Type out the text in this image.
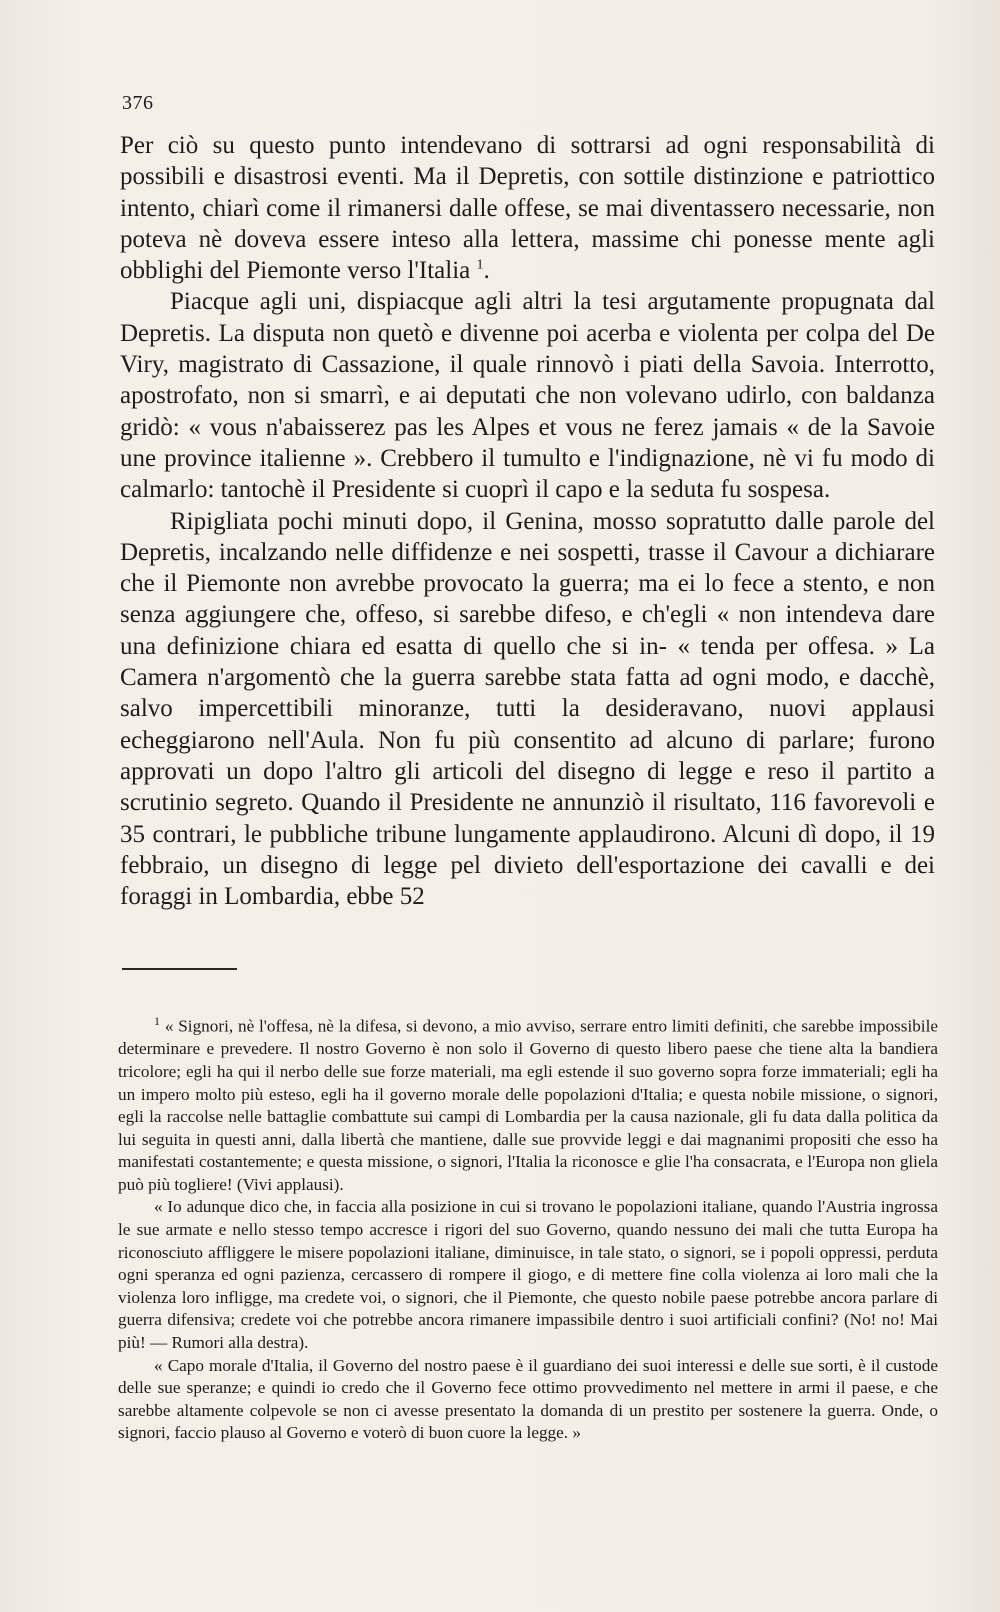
376

Per ciò su questo punto intendevano di sottrarsi ad ogni responsabilità di possibili e disastrosi eventi. Ma il Depretis, con sottile distinzione e patriottico intento, chiarì come il rimanersi dalle offese, se mai diventassero necessarie, non poteva nè doveva essere inteso alla lettera, massime chi ponesse mente agli obblighi del Piemonte verso l'Italia $^1$.

Piacque agli uni, dispiacque agli altri la tesi argutamente propugnata dal Depretis. La disputa non quetò e divenne poi acerba e violenta per colpa del De Viry, magistrato di Cassazione, il quale rinnovò i piati della Savoia. Interrotto, apostrofato, non si smarrì, e ai deputati che non volevano udirlo, con baldanza gridò: « vous n'abaisserez pas les Alpes et vous ne ferez jamais « de la Savoie une province italienne ». Crebbero il tumulto e l'indignazione, nè vi fu modo di calmarlo: tantochè il Presidente si cuoprì il capo e la seduta fu sospesa.

Ripigliata pochi minuti dopo, il Genina, mosso sopratutto dalle parole del Depretis, incalzando nelle diffidenze e nei sospetti, trasse il Cavour a dichiarare che il Piemonte non avrebbe provocato la guerra; ma ei lo fece a stento, e non senza aggiungere che, offeso, si sarebbe difeso, e ch'egli « non intendeva dare una definizione chiara ed esatta di quello che si in- « tenda per offesa. » La Camera n'argomentò che la guerra sarebbe stata fatta ad ogni modo, e dacchè, salvo impercettibili minoranze, tutti la desideravano, nuovi applausi echeggiarono nell'Aula. Non fu più consentito ad alcuno di parlare; furono approvati un dopo l'altro gli articoli del disegno di legge e reso il partito a scrutinio segreto. Quando il Presidente ne annunziò il risultato, 116 favorevoli e 35 contrari, le pubbliche tribune lungamente applaudirono. Alcuni dì dopo, il 19 febbraio, un disegno di legge pel divieto dell'esportazione dei cavalli e dei foraggi in Lombardia, ebbe 52

$^1$ « Signori, nè l'offesa, nè la difesa, si devono, a mio avviso, serrare entro limiti definiti, che sarebbe impossibile determinare e prevedere. Il nostro Governo è non solo il Governo di questo libero paese che tiene alta la bandiera tricolore; egli ha qui il nerbo delle sue forze materiali, ma egli estende il suo governo sopra forze immateriali; egli ha un impero molto più esteso, egli ha il governo morale delle popolazioni d'Italia; e questa nobile missione, o signori, egli la raccolse nelle battaglie combattute sui campi di Lombardia per la causa nazionale, gli fu data dalla politica da lui seguita in questi anni, dalla libertà che mantiene, dalle sue provvide leggi e dai magnanimi propositi che esso ha manifestati costantemente; e questa missione, o signori, l'Italia la riconosce e glie l'ha consacrata, e l'Europa non gliela può più togliere! (Vivi applausi).

« Io adunque dico che, in faccia alla posizione in cui si trovano le popolazioni italiane, quando l'Austria ingrossa le sue armate e nello stesso tempo accresce i rigori del suo Governo, quando nessuno dei mali che tutta Europa ha riconosciuto affliggere le misere popolazioni italiane, diminuisce, in tale stato, o signori, se i popoli oppressi, perduta ogni speranza ed ogni pazienza, cercassero di rompere il giogo, e di mettere fine colla violenza ai loro mali che la violenza loro infligge, ma credete voi, o signori, che il Piemonte, che questo nobile paese potrebbe ancora parlare di guerra difensiva; credete voi che potrebbe ancora rimanere impassibile dentro i suoi artificiali confini? (No! no! Mai più! — Rumori alla destra).

« Capo morale d'Italia, il Governo del nostro paese è il guardiano dei suoi interessi e delle sue sorti, è il custode delle sue speranze; e quindi io credo che il Governo fece ottimo provvedimento nel mettere in armi il paese, e che sarebbe altamente colpevole se non ci avesse presentato la domanda di un prestito per sostenere la guerra. Onde, o signori, faccio plauso al Governo e voterò di buon cuore la legge. »
